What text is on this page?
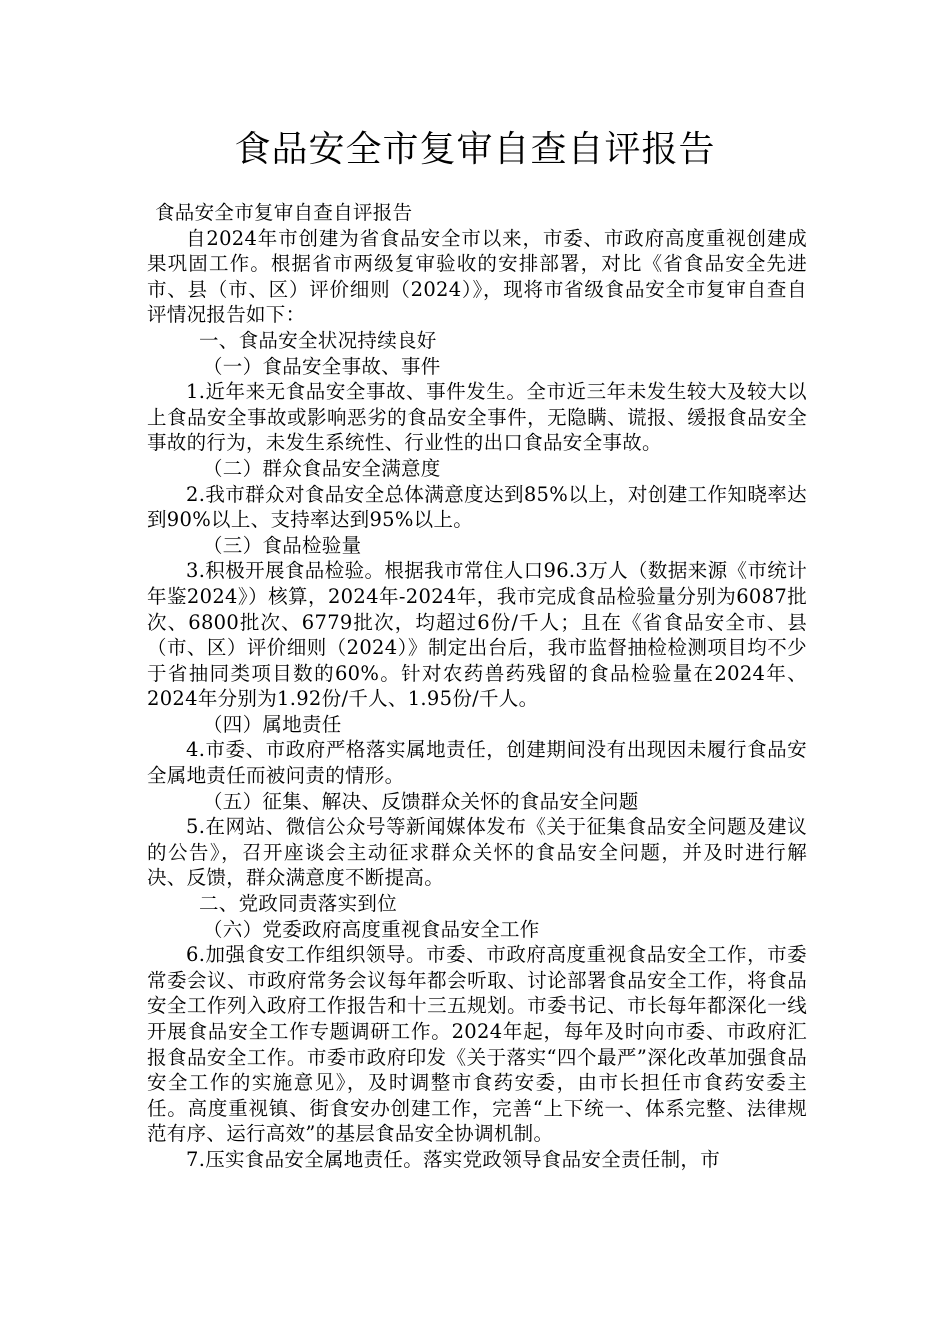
食品安全市复审自查自评报告

食品安全市复审自查自评报告

自2024年市创建为省食品安全市以来，市委、市政府高度重视创建成果巩固工作。根据省市两级复审验收的安排部署，对比《省食品安全先进市、县（市、区）评价细则（2024）》，现将市省级食品安全市复审自查自评情况报告如下：

一、食品安全状况持续良好

（一）食品安全事故、事件

1.近年来无食品安全事故、事件发生。全市近三年未发生较大及较大以上食品安全事故或影响恶劣的食品安全事件，无隐瞒、谎报、缓报食品安全事故的行为，未发生系统性、行业性的出口食品安全事故。

（二）群众食品安全满意度

2.我市群众对食品安全总体满意度达到85%以上，对创建工作知晓率达到90%以上、支持率达到95%以上。

（三）食品检验量

3.积极开展食品检验。根据我市常住人口96.3万人（数据来源《市统计年鉴2024》）核算，2024年-2024年，我市完成食品检验量分别为6087批次、6800批次、6779批次，均超过6份/千人；且在《省食品安全市、县（市、区）评价细则（2024）》制定出台后，我市监督抽检检测项目均不少于省抽同类项目数的60%。针对农药兽药残留的食品检验量在2024年、2024年分别为1.92份/千人、1.95份/千人。

（四）属地责任

4.市委、市政府严格落实属地责任，创建期间没有出现因未履行食品安全属地责任而被问责的情形。

（五）征集、解决、反馈群众关怀的食品安全问题

5.在网站、微信公众号等新闻媒体发布《关于征集食品安全问题及建议的公告》，召开座谈会主动征求群众关怀的食品安全问题，并及时进行解决、反馈，群众满意度不断提高。

二、党政同责落实到位

（六）党委政府高度重视食品安全工作

6.加强食安工作组织领导。市委、市政府高度重视食品安全工作，市委常委会议、市政府常务会议每年都会听取、讨论部署食品安全工作，将食品安全工作列入政府工作报告和十三五规划。市委书记、市长每年都深化一线开展食品安全工作专题调研工作。2024年起，每年及时向市委、市政府汇报食品安全工作。市委市政府印发《关于落实“四个最严”深化改革加强食品安全工作的实施意见》，及时调整市食药安委，由市长担任市食药安委主任。高度重视镇、街食安办创建工作，完善“上下统一、体系完整、法律规范有序、运行高效”的基层食品安全协调机制。

7.压实食品安全属地责任。落实党政领导食品安全责任制，市
